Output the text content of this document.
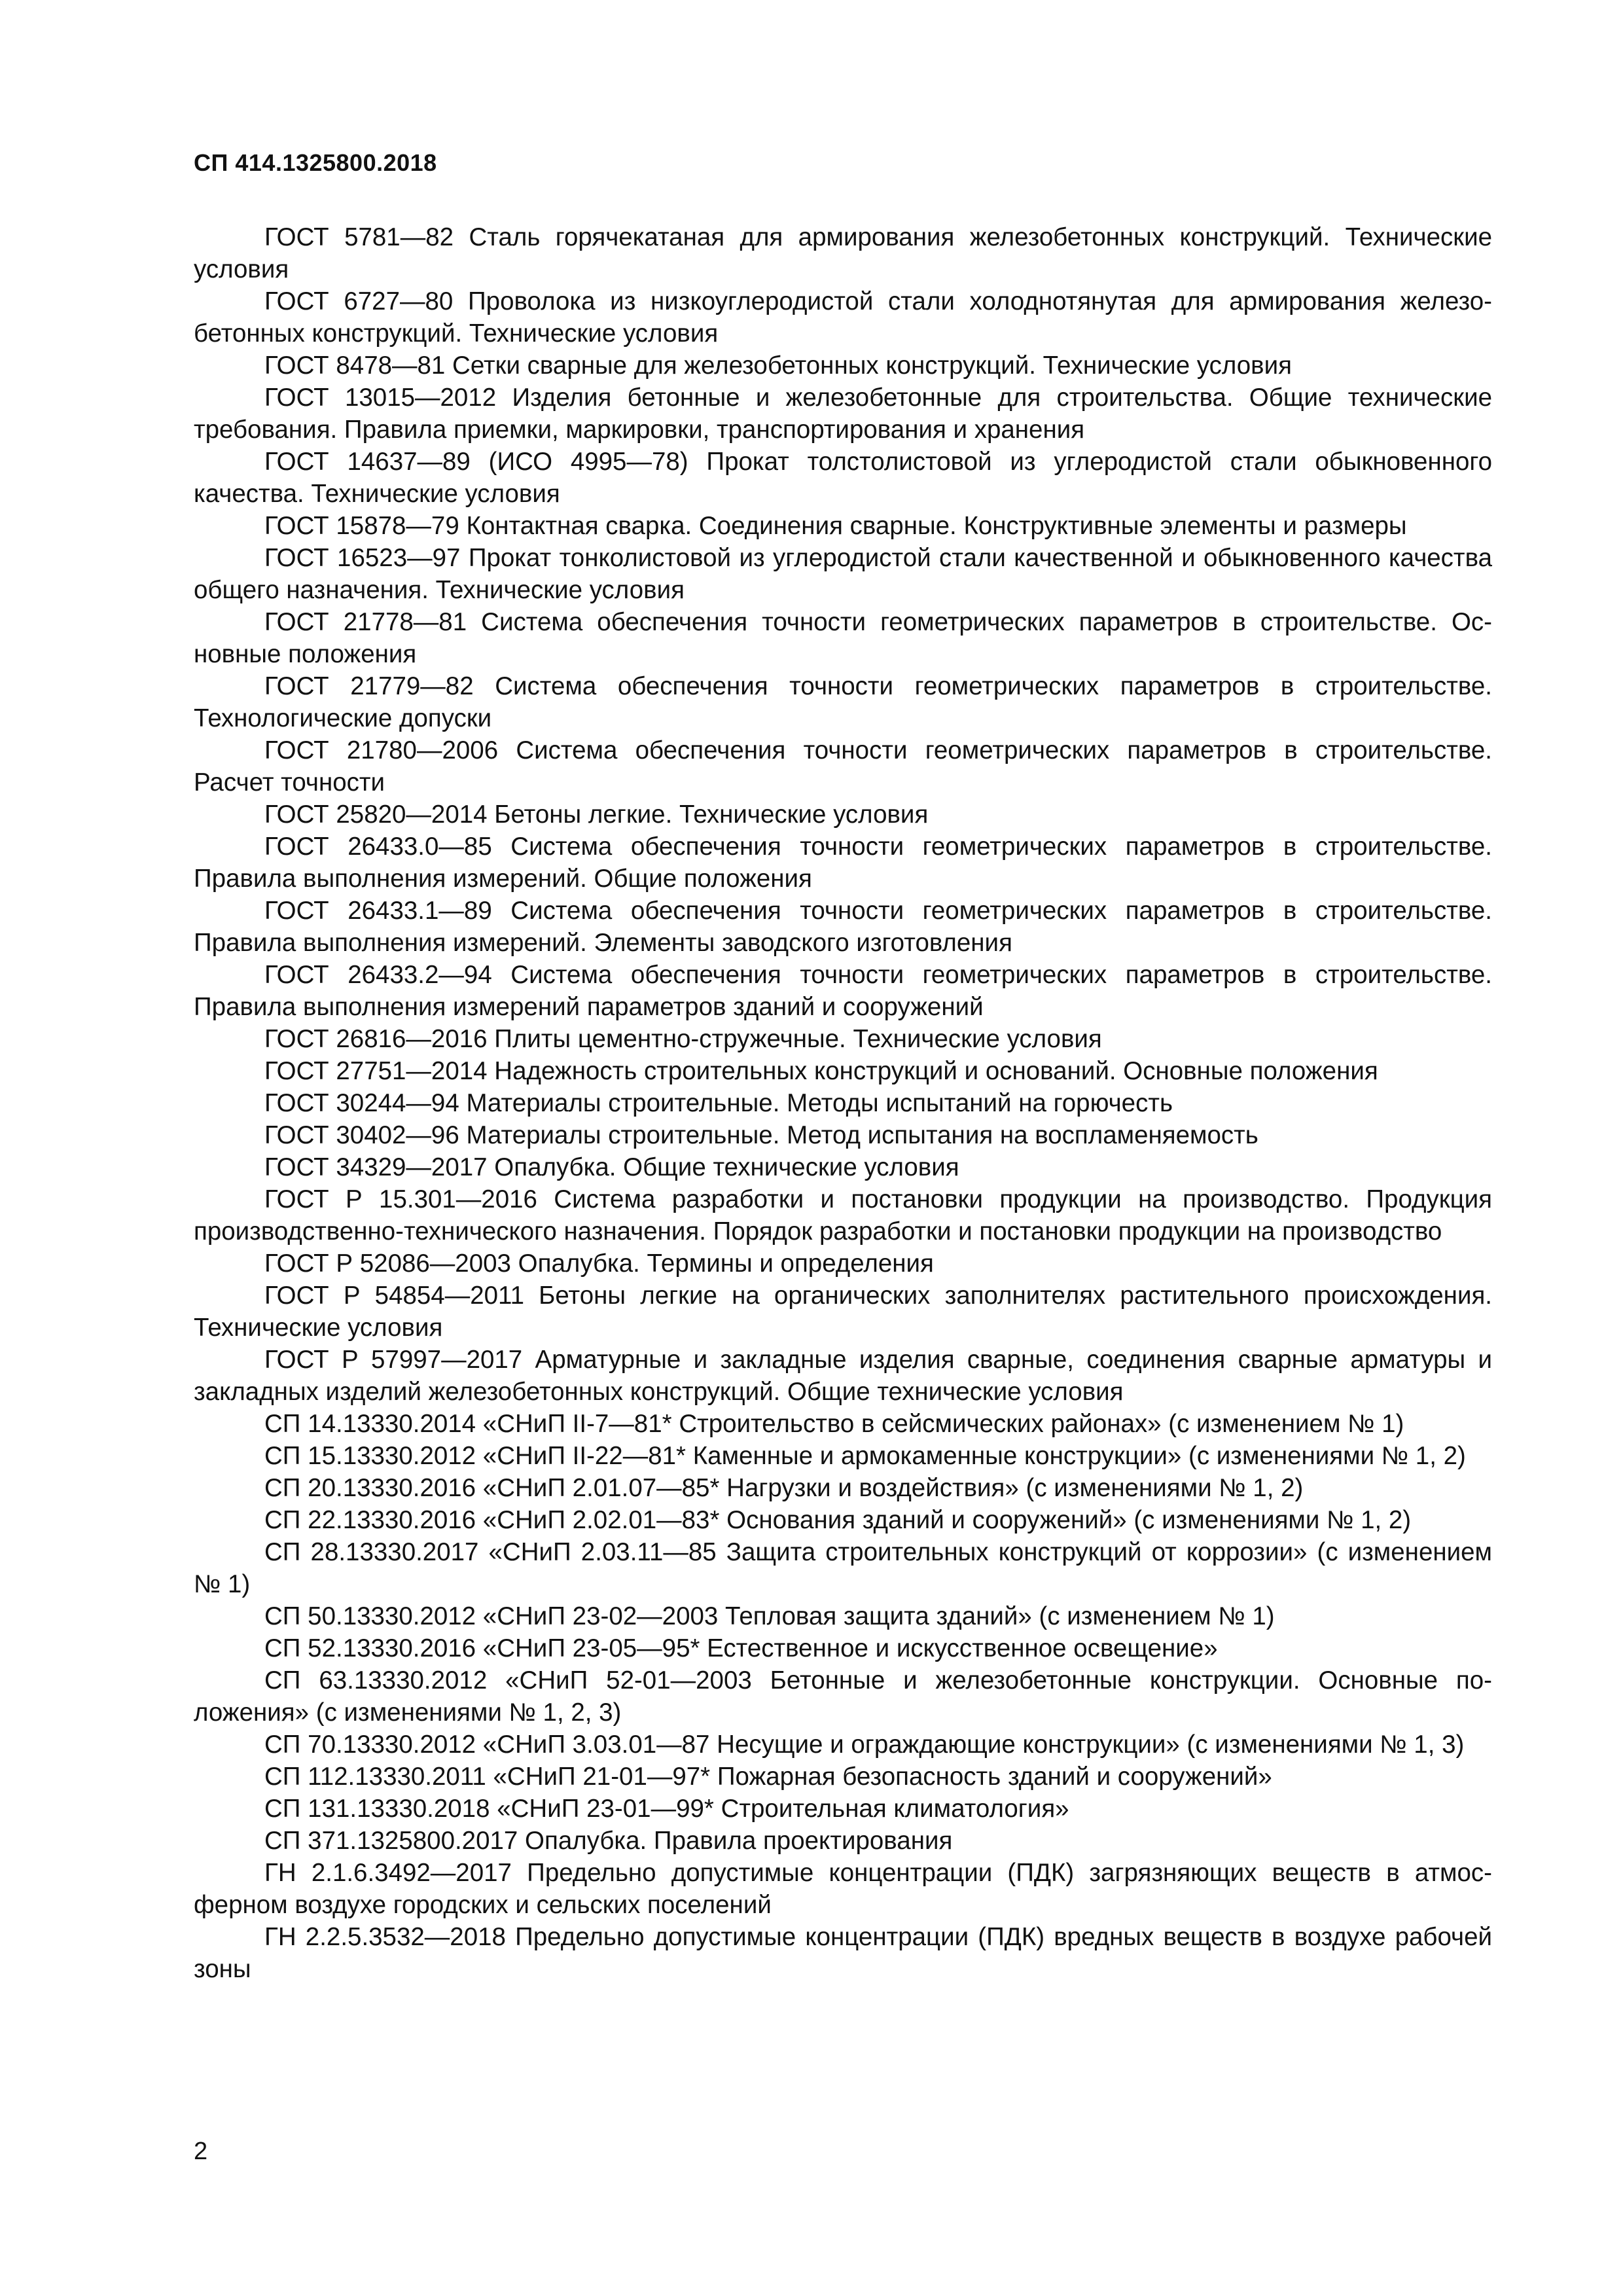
СП 414.1325800.2018
ГОСТ 5781—82 Сталь горячекатаная для армирования железобетонных конструкций. Технические условия
ГОСТ 6727—80 Проволока из низкоуглеродистой стали холоднотянутая для армирования железобетонных конструкций. Технические условия
ГОСТ 8478—81 Сетки сварные для железобетонных конструкций. Технические условия
ГОСТ 13015—2012 Изделия бетонные и железобетонные для строительства. Общие технические требования. Правила приемки, маркировки, транспортирования и хранения
ГОСТ 14637—89 (ИСО 4995—78) Прокат толстолистовой из углеродистой стали обыкновенного качества. Технические условия
ГОСТ 15878—79 Контактная сварка. Соединения сварные. Конструктивные элементы и размеры
ГОСТ 16523—97 Прокат тонколистовой из углеродистой стали качественной и обыкновенного качества общего назначения. Технические условия
ГОСТ 21778—81 Система обеспечения точности геометрических параметров в строительстве. Основные положения
ГОСТ 21779—82 Система обеспечения точности геометрических параметров в строительстве. Технологические допуски
ГОСТ 21780—2006 Система обеспечения точности геометрических параметров в строительстве. Расчет точности
ГОСТ 25820—2014 Бетоны легкие. Технические условия
ГОСТ 26433.0—85 Система обеспечения точности геометрических параметров в строительстве. Правила выполнения измерений. Общие положения
ГОСТ 26433.1—89 Система обеспечения точности геометрических параметров в строительстве. Правила выполнения измерений. Элементы заводского изготовления
ГОСТ 26433.2—94 Система обеспечения точности геометрических параметров в строительстве. Правила выполнения измерений параметров зданий и сооружений
ГОСТ 26816—2016 Плиты цементно-стружечные. Технические условия
ГОСТ 27751—2014 Надежность строительных конструкций и оснований. Основные положения
ГОСТ 30244—94 Материалы строительные. Методы испытаний на горючесть
ГОСТ 30402—96 Материалы строительные. Метод испытания на воспламеняемость
ГОСТ 34329—2017 Опалубка. Общие технические условия
ГОСТ Р 15.301—2016 Система разработки и постановки продукции на производство. Продукция производственно-технического назначения. Порядок разработки и постановки продукции на производство
ГОСТ Р 52086—2003 Опалубка. Термины и определения
ГОСТ Р 54854—2011 Бетоны легкие на органических заполнителях растительного происхождения. Технические условия
ГОСТ Р 57997—2017 Арматурные и закладные изделия сварные, соединения сварные арматуры и закладных изделий железобетонных конструкций. Общие технические условия
СП 14.13330.2014 «СНиП II-7—81* Строительство в сейсмических районах» (с изменением № 1)
СП 15.13330.2012 «СНиП II-22—81* Каменные и армокаменные конструкции» (с изменениями № 1, 2)
СП 20.13330.2016 «СНиП 2.01.07—85* Нагрузки и воздействия» (с изменениями № 1, 2)
СП 22.13330.2016 «СНиП 2.02.01—83* Основания зданий и сооружений» (с изменениями № 1, 2)
СП 28.13330.2017 «СНиП 2.03.11—85 Защита строительных конструкций от коррозии» (с изменением № 1)
СП 50.13330.2012 «СНиП 23-02—2003 Тепловая защита зданий» (с изменением № 1)
СП 52.13330.2016 «СНиП 23-05—95* Естественное и искусственное освещение»
СП 63.13330.2012 «СНиП 52-01—2003 Бетонные и железобетонные конструкции. Основные положения» (с изменениями № 1, 2, 3)
СП 70.13330.2012 «СНиП 3.03.01—87 Несущие и ограждающие конструкции» (с изменениями № 1, 3)
СП 112.13330.2011 «СНиП 21-01—97* Пожарная безопасность зданий и сооружений»
СП 131.13330.2018 «СНиП 23-01—99* Строительная климатология»
СП 371.1325800.2017 Опалубка. Правила проектирования
ГН 2.1.6.3492—2017 Предельно допустимые концентрации (ПДК) загрязняющих веществ в атмосферном воздухе городских и сельских поселений
ГН 2.2.5.3532—2018 Предельно допустимые концентрации (ПДК) вредных веществ в воздухе рабочей зоны
2
